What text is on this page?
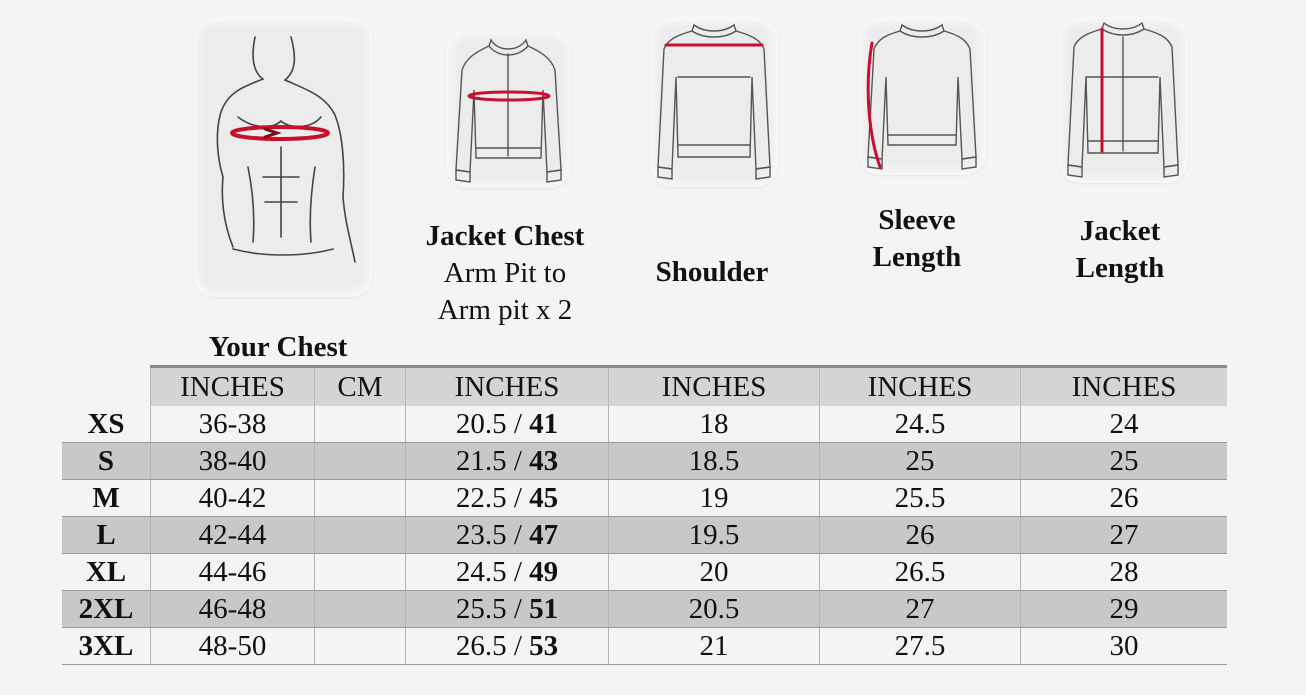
Jacket Chest
Arm Pit to
Arm pit x 2
Shoulder
Sleeve
Length
Jacket
Length
Your Chest
	INCHES	CM	INCHES	INCHES	INCHES	INCHES
XS	36-38		20.5 / 41	18	24.5	24
S	38-40		21.5 / 43	18.5	25	25
M	40-42		22.5 / 45	19	25.5	26
L	42-44		23.5 / 47	19.5	26	27
XL	44-46		24.5 / 49	20	26.5	28
2XL	46-48		25.5 / 51	20.5	27	29
3XL	48-50		26.5 / 53	21	27.5	30
